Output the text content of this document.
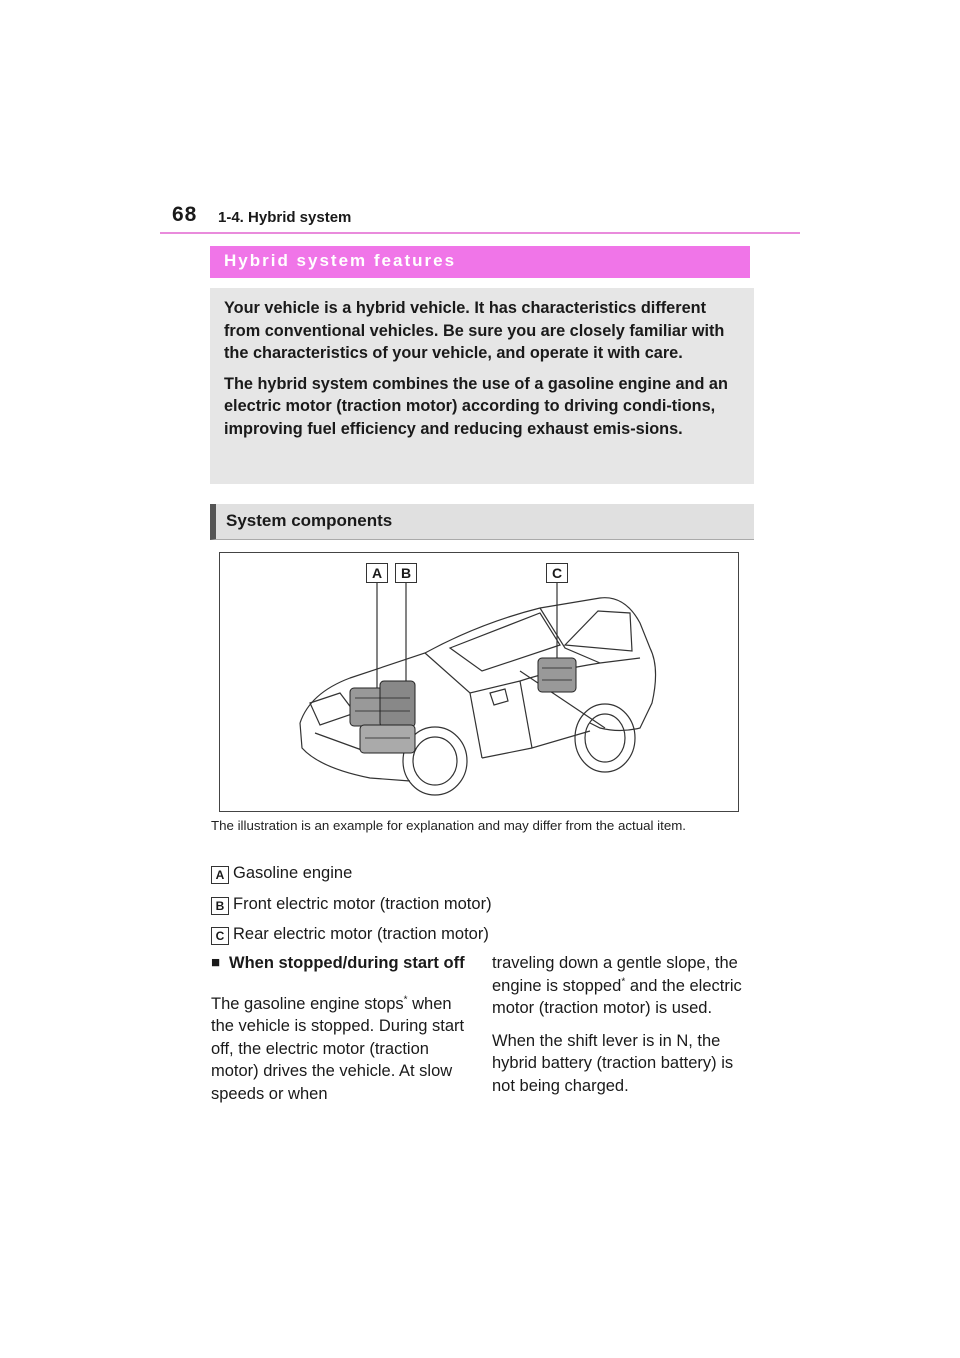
68 1-4. Hybrid system
Hybrid system features

Your vehicle is a hybrid vehicle. It has characteristics different from conventional vehicles. Be sure you are closely familiar with the characteristics of your vehicle, and operate it with care.

The hybrid system combines the use of a gasoline engine and an electric motor (traction motor) according to driving condi-tions, improving fuel efficiency and reducing exhaust emis-sions.

System components
A	B	C
The illustration is an example for explanation and may differ from the actual item.
A Gasoline engine
B Front electric motor (traction motor)
C Rear electric motor (traction motor)

■ When stopped/during start off

The gasoline engine stops* when the vehicle is stopped. During start off, the electric motor (traction motor) drives the vehicle. At slow speeds or when

traveling down a gentle slope, the engine is stopped* and the electric motor (traction motor) is used.

When the shift lever is in N, the hybrid battery (traction battery) is not being charged.
